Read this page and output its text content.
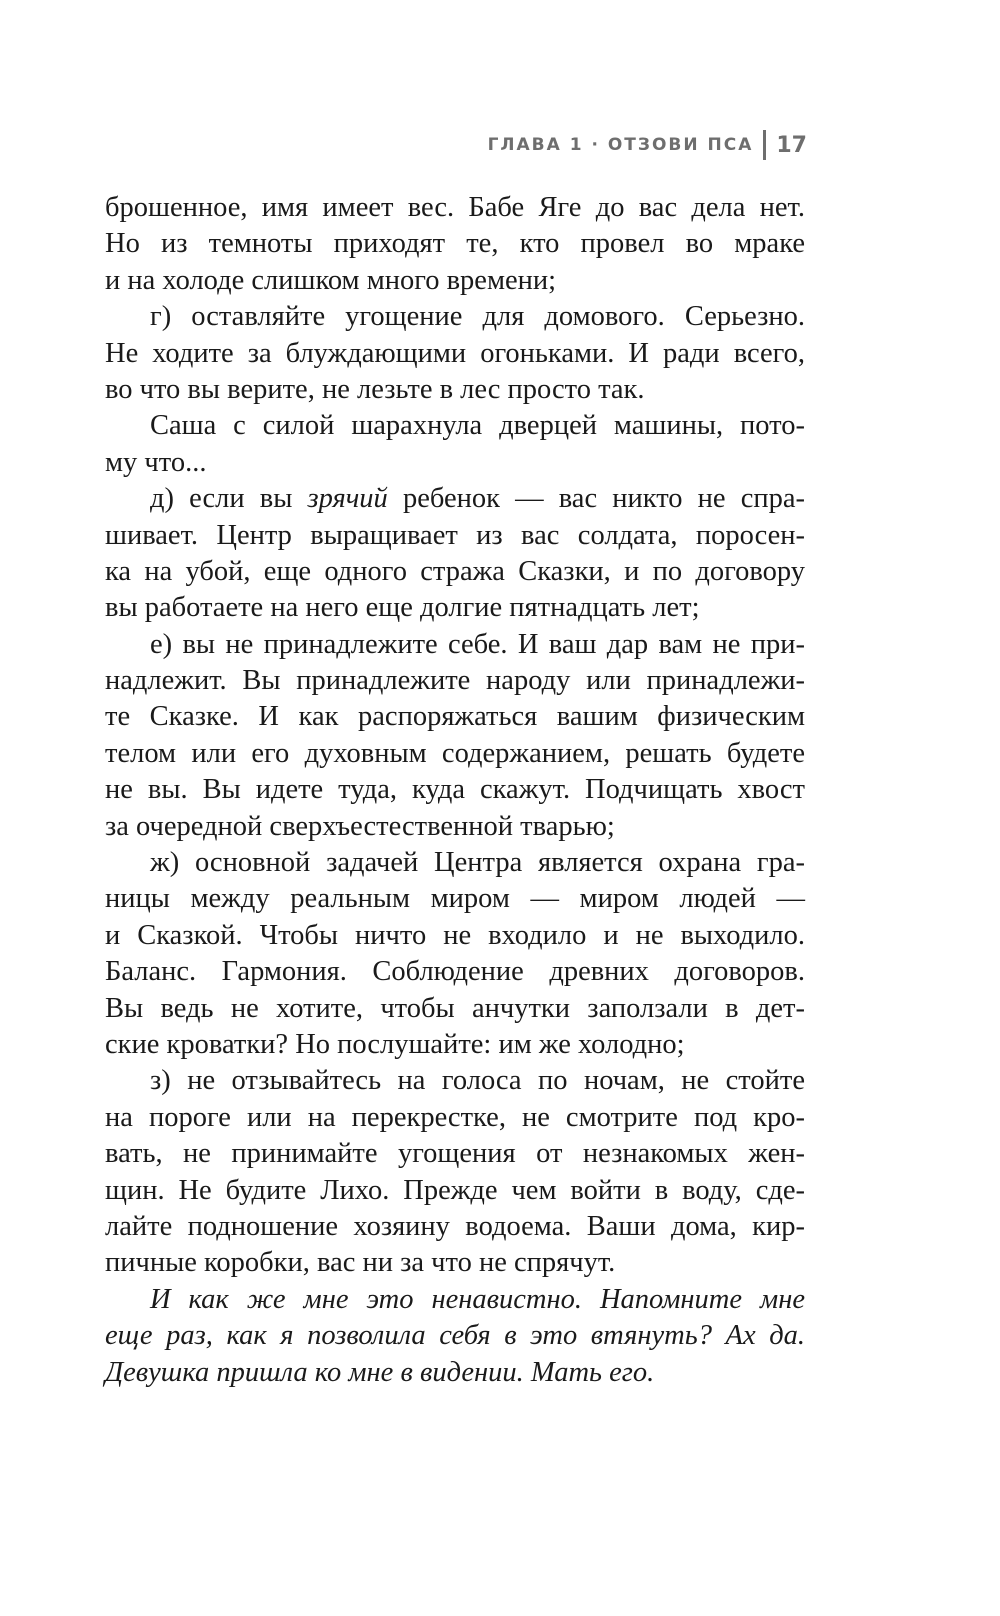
ГЛАВА 1 · ОТЗОВИ ПСА 17
брошенное, имя имеет вес. Бабе Яге до вас дела нет.
Но из темноты приходят те, кто провел во мраке
и на холоде слишком много времени;
г) оставляйте угощение для домового. Серьезно.
Не ходите за блуждающими огоньками. И ради всего,
во что вы верите, не лезьте в лес просто так.
Саша с силой шарахнула дверцей машины, пото-
му что...
д) если вы зрячий ребенок — вас никто не спра-
шивает. Центр выращивает из вас солдата, поросен-
ка на убой, еще одного стража Сказки, и по договору
вы работаете на него еще долгие пятнадцать лет;
е) вы не принадлежите себе. И ваш дар вам не при-
надлежит. Вы принадлежите народу или принадлежи-
те Сказке. И как распоряжаться вашим физическим
телом или его духовным содержанием, решать будете
не вы. Вы идете туда, куда скажут. Подчищать хвост
за очередной сверхъестественной тварью;
ж) основной задачей Центра является охрана гра-
ницы между реальным миром — миром людей —
и Сказкой. Чтобы ничто не входило и не выходило.
Баланс. Гармония. Соблюдение древних договоров.
Вы ведь не хотите, чтобы анчутки заползали в дет-
ские кроватки? Но послушайте: им же холодно;
з) не отзывайтесь на голоса по ночам, не стойте
на пороге или на перекрестке, не смотрите под кро-
вать, не принимайте угощения от незнакомых жен-
щин. Не будите Лихо. Прежде чем войти в воду, сде-
лайте подношение хозяину водоема. Ваши дома, кир-
пичные коробки, вас ни за что не спрячут.
И как же мне это ненавистно. Напомните мне
еще раз, как я позволила себя в это втянуть? Ах да.
Девушка пришла ко мне в видении. Мать его.
